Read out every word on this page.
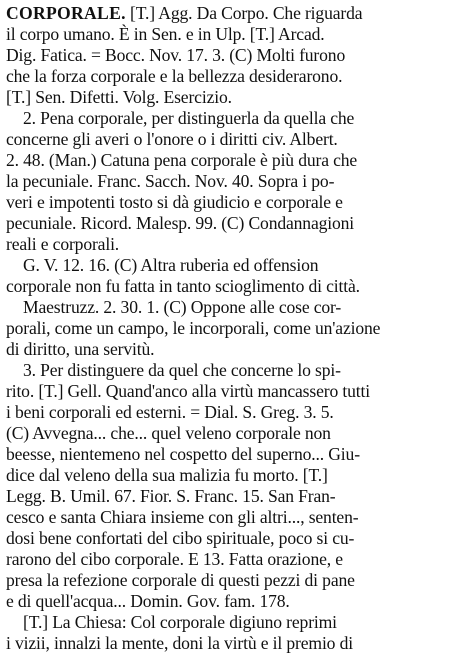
CORPORALE. [T.] Agg. Da Corpo. Che riguarda
il corpo umano. È in Sen. e in Ulp. [T.] Arcad.
Dig. Fatica. = Bocc. Nov. 17. 3. (C) Molti furono
che la forza corporale e la bellezza desiderarono.
[T.] Sen. Difetti. Volg. Esercizio.
2. Pena corporale, per distinguerla da quella che
concerne gli averi o l'onore o i diritti civ. Albert.
2. 48. (Man.) Catuna pena corporale è più dura che
la pecuniale. Franc. Sacch. Nov. 40. Sopra i po-
veri e impotenti tosto si dà giudicio e corporale e
pecuniale. Ricord. Malesp. 99. (C) Condannagioni
reali e corporali.
G. V. 12. 16. (C) Altra ruberia ed offension
corporale non fu fatta in tanto scioglimento di città.
Maestruzz. 2. 30. 1. (C) Oppone alle cose cor-
porali, come un campo, le incorporali, come un'azione
di diritto, una servitù.
3. Per distinguere da quel che concerne lo spi-
rito. [T.] Gell. Quand'anco alla virtù mancassero tutti
i beni corporali ed esterni. = Dial. S. Greg. 3. 5.
(C) Avvegna... che... quel veleno corporale non
beesse, nientemeno nel cospetto del superno... Giu-
dice dal veleno della sua malizia fu morto. [T.]
Legg. B. Umil. 67. Fior. S. Franc. 15. San Fran-
cesco e santa Chiara insieme con gli altri..., senten-
dosi bene confortati del cibo spirituale, poco si cu-
rarono del cibo corporale. E 13. Fatta orazione, e
presa la refezione corporale di questi pezzi di pane
e di quell'acqua... Domin. Gov. fam. 178.
[T.] La Chiesa: Col corporale digiuno reprimi
i vizii, innalzi la mente, doni la virtù e il premio di
